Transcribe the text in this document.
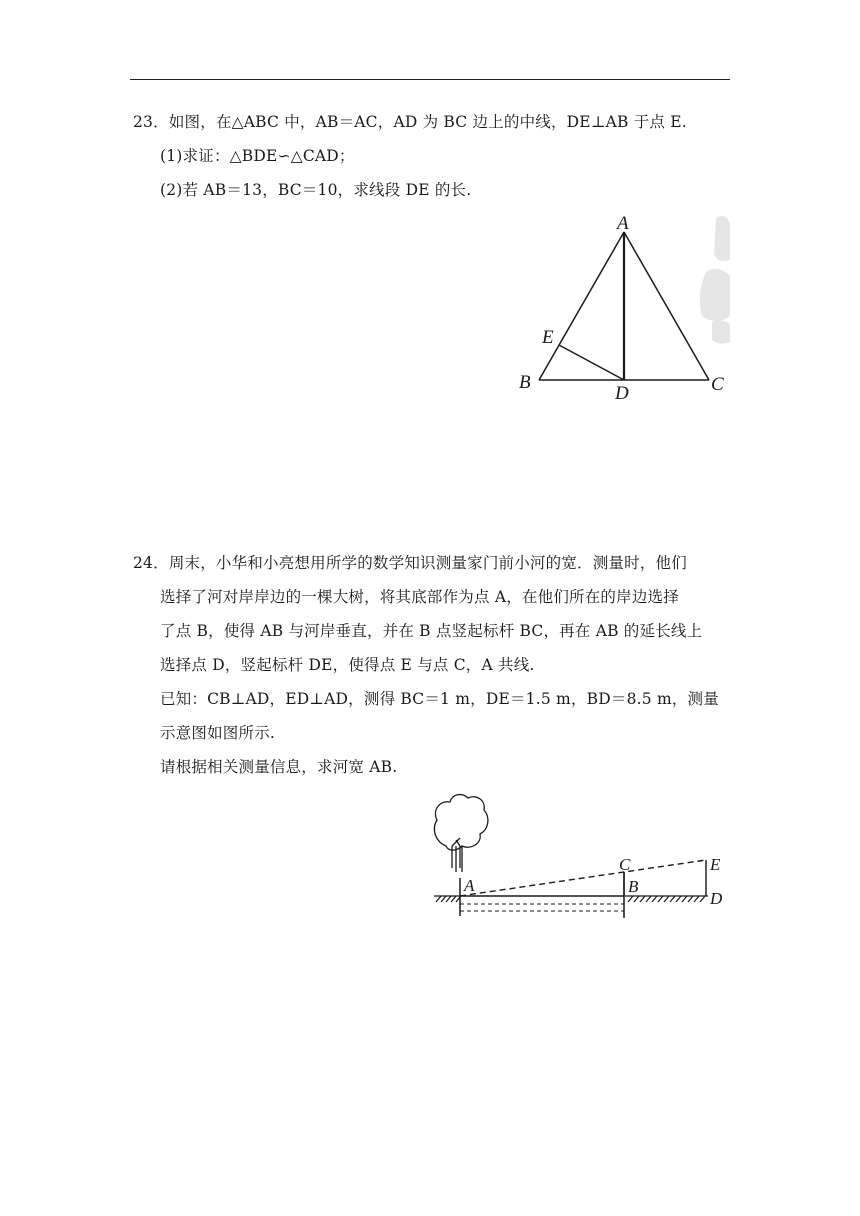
23．如图，在△ABC 中，AB＝AC，AD 为 BC 边上的中线，DE⊥AB 于点 E.
(1)求证：△BDE∽△CAD；
(2)若 AB＝13，BC＝10，求线段 DE 的长.
A
B	C
D
E
24．周末，小华和小亮想用所学的数学知识测量家门前小河的宽．测量时，他们
选择了河对岸岸边的一棵大树，将其底部作为点 A，在他们所在的岸边选择
了点 B，使得 AB 与河岸垂直，并在 B 点竖起标杆 BC，再在 AB 的延长线上
选择点 D，竖起标杆 DE，使得点 E 与点 C，A 共线.
已知：CB⊥AD，ED⊥AD，测得 BC＝1 m，DE＝1.5 m，BD＝8.5 m，测量
示意图如图所示.
请根据相关测量信息，求河宽 AB.
A	B
C
D
E
